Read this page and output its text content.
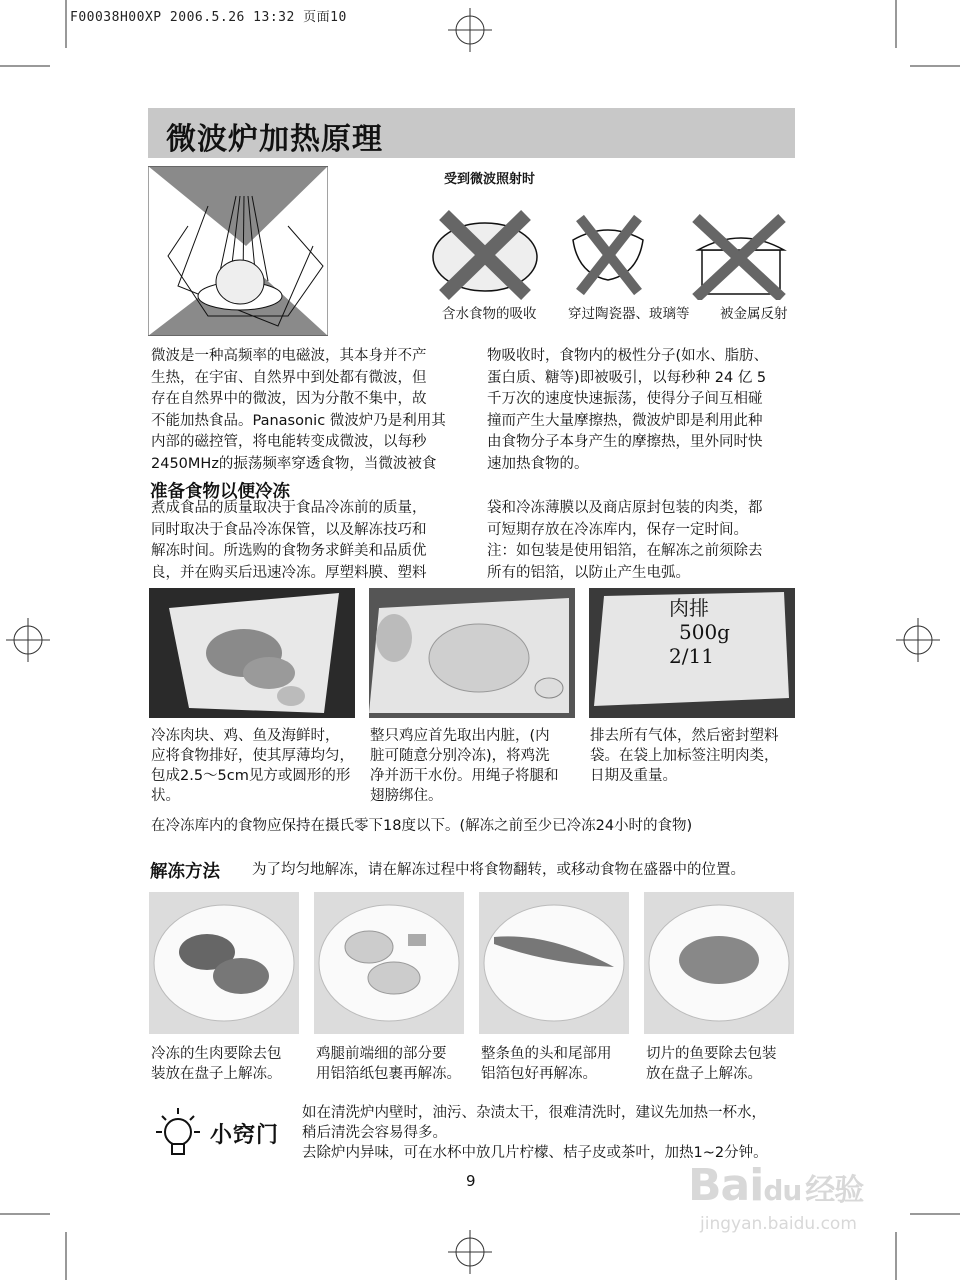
F00038H00XP 2006.5.26 13:32 页面10
微波炉加热原理
受到微波照射时
含水食物的吸收 穿过陶瓷器、玻璃等 被金属反射
微波是一种高频率的电磁波，其本身并不产
生热，在宇宙、自然界中到处都有微波，但
存在自然界中的微波，因为分散不集中，故
不能加热食品。Panasonic 微波炉乃是利用其
内部的磁控管，将电能转变成微波，以每秒
2450MHz的振荡频率穿透食物，当微波被食
物吸收时，食物内的极性分子(如水、脂肪、
蛋白质、糖等)即被吸引，以每秒种 24 亿 5
千万次的速度快速振荡，使得分子间互相碰
撞而产生大量摩擦热，微波炉即是利用此种
由食物分子本身产生的摩擦热，里外同时快
速加热食物的。
准备食物以便冷冻
煮成食品的质量取决于食品冷冻前的质量，
同时取决于食品冷冻保管，以及解冻技巧和
解冻时间。所选购的食物务求鲜美和品质优
良，并在购买后迅速冷冻。厚塑料膜、塑料
袋和冷冻薄膜以及商店原封包装的肉类，都
可短期存放在冷冻库内，保存一定时间。
注：如包装是使用铝箔，在解冻之前须除去
所有的铝箔，以防止产生电弧。
肉排
500g
2/11
冷冻肉块、鸡、鱼及海鲜时，
应将食物排好，使其厚薄均匀，
包成2.5～5cm见方或圆形的形
状。
整只鸡应首先取出内脏，(内
脏可随意分别冷冻)，将鸡洗
净并沥干水份。用绳子将腿和
翅膀绑住。
排去所有气体，然后密封塑料
袋。在袋上加标签注明肉类，
日期及重量。
在冷冻库内的食物应保持在摄氏零下18度以下。(解冻之前至少已冷冻24小时的食物)
解冻方法 为了均匀地解冻，请在解冻过程中将食物翻转，或移动食物在盛器中的位置。
冷冻的生肉要除去包
装放在盘子上解冻。
鸡腿前端细的部分要
用铝箔纸包裹再解冻。
整条鱼的头和尾部用
铝箔包好再解冻。
切片的鱼要除去包装
放在盘子上解冻。
小窍门
如在清洗炉内壁时，油污、杂渍太干，很难清洗时，建议先加热一杯水，
稍后清洗会容易得多。
去除炉内异味，可在水杯中放几片柠檬、桔子皮或茶叶，加热1~2分钟。
9	Baidu 经验
jingyan.baidu.com
